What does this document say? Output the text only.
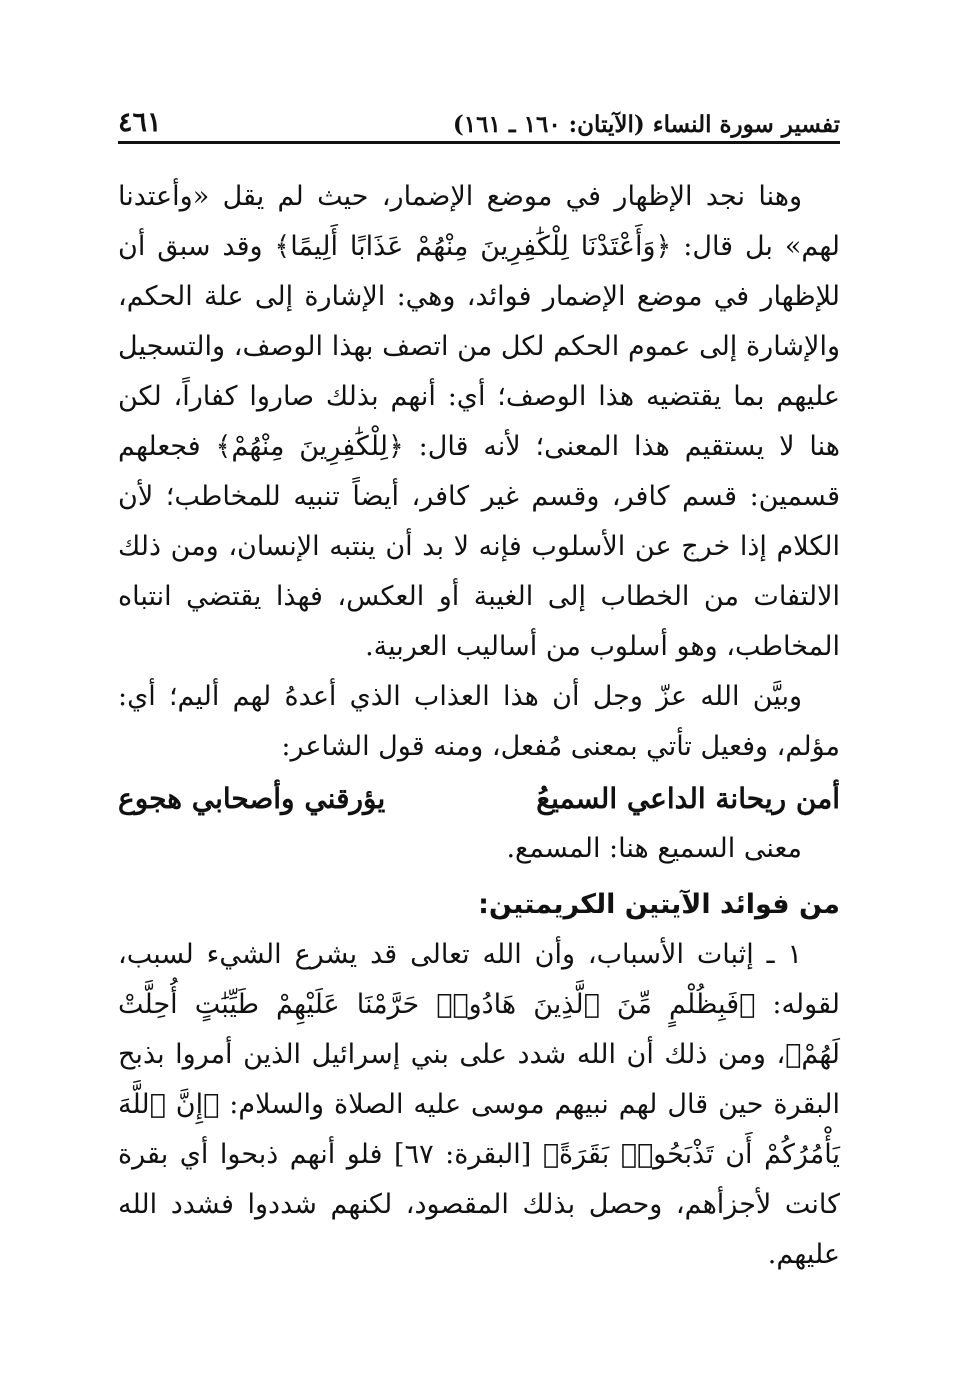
تفسير سورة النساء (الآيتان: ١٦٠ ـ ١٦١)
٤٦١

وهنا نجد الإظهار في موضع الإضمار، حيث لم يقل «وأعتدنا لهم» بل قال: ﴿وَأَعْتَدْنَا لِلْكَٰفِرِينَ مِنْهُمْ عَذَابًا أَلِيمًا﴾ وقد سبق أن للإظهار في موضع الإضمار فوائد، وهي: الإشارة إلى علة الحكم، والإشارة إلى عموم الحكم لكل من اتصف بهذا الوصف، والتسجيل عليهم بما يقتضيه هذا الوصف؛ أي: أنهم بذلك صاروا كفاراً، لكن هنا لا يستقيم هذا المعنى؛ لأنه قال: ﴿لِلْكَٰفِرِينَ مِنْهُمْ﴾ فجعلهم قسمين: قسم كافر، وقسم غير كافر، أيضاً تنبيه للمخاطب؛ لأن الكلام إذا خرج عن الأسلوب فإنه لا بد أن ينتبه الإنسان، ومن ذلك الالتفات من الخطاب إلى الغيبة أو العكس، فهذا يقتضي انتباه المخاطب، وهو أسلوب من أساليب العربية.

وبيَّن الله عزّ وجل أن هذا العذاب الذي أعدهُ لهم أليم؛ أي: مؤلم، وفعيل تأتي بمعنى مُفعل، ومنه قول الشاعر:

أمن ريحانة الداعي السميعُ
يؤرقني وأصحابي هجوع

معنى السميع هنا: المسمع.

من فوائد الآيتين الكريمتين:

١ ـ إثبات الأسباب، وأن الله تعالى قد يشرع الشيء لسبب، لقوله: ﴿فَبِظُلْمٍ مِّنَ ٱلَّذِينَ هَادُوا۟ حَرَّمْنَا عَلَيْهِمْ طَيِّبَٰتٍ أُحِلَّتْ لَهُمْ﴾، ومن ذلك أن الله شدد على بني إسرائيل الذين أمروا بذبح البقرة حين قال لهم نبيهم موسى عليه الصلاة والسلام: ﴿إِنَّ ٱللَّهَ يَأْمُرُكُمْ أَن تَذْبَحُوا۟ بَقَرَةً﴾ [البقرة: ٦٧] فلو أنهم ذبحوا أي بقرة كانت لأجزأهم، وحصل بذلك المقصود، لكنهم شددوا فشدد الله عليهم.
